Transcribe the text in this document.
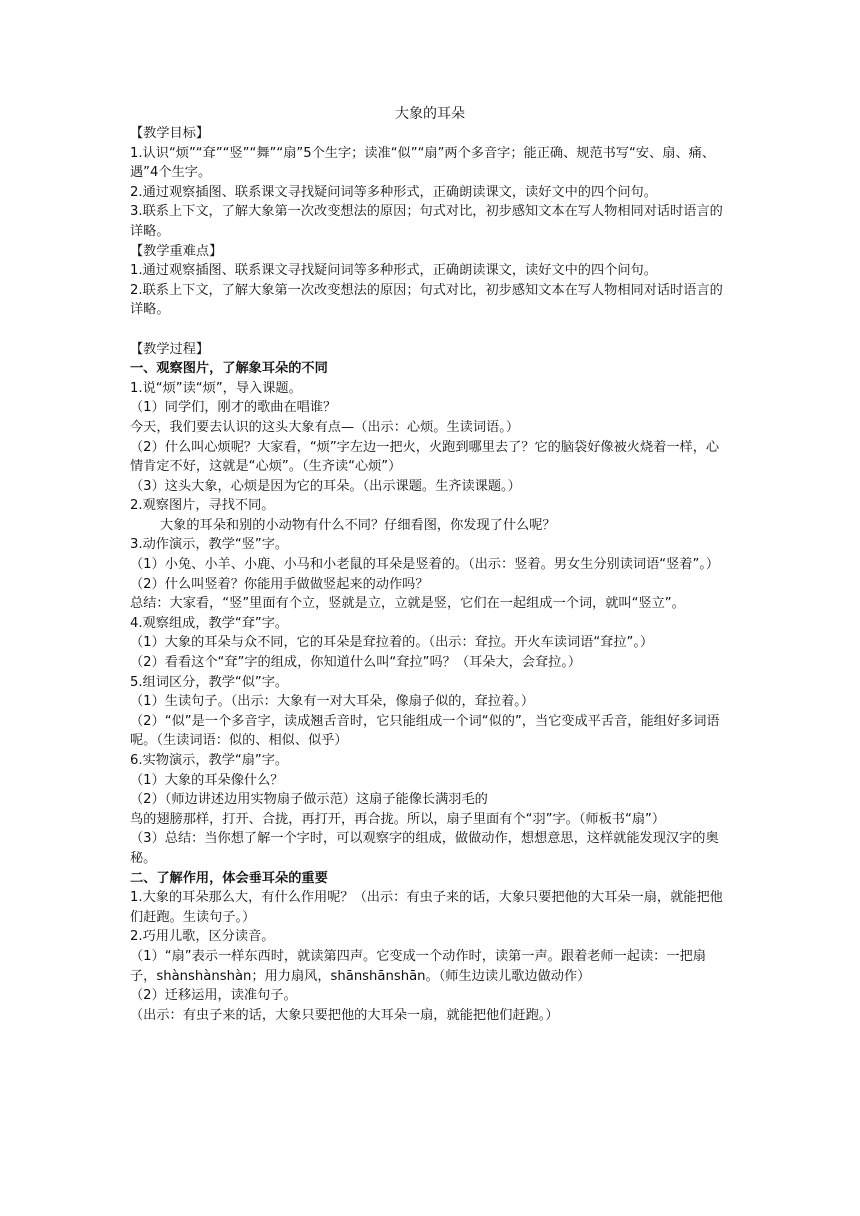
大象的耳朵

【教学目标】

1.认识“烦”“耷”“竖”“舞”“扇”5个生字；读准“似”“扇”两个多音字；能正确、规范书写“安、扇、痛、遇”4个生字。

2.通过观察插图、联系课文寻找疑问词等多种形式，正确朗读课文，读好文中的四个问句。

3.联系上下文，了解大象第一次改变想法的原因；句式对比，初步感知文本在写人物相同对话时语言的详略。

【教学重难点】

1.通过观察插图、联系课文寻找疑问词等多种形式，正确朗读课文，读好文中的四个问句。

2.联系上下文，了解大象第一次改变想法的原因；句式对比，初步感知文本在写人物相同对话时语言的详略。

【教学过程】

一、观察图片，了解象耳朵的不同

1.说“烦”读“烦”，导入课题。

（1）同学们，刚才的歌曲在唱谁？

今天，我们要去认识的这头大象有点—（出示：心烦。生读词语。）

（2）什么叫心烦呢？大家看，“烦”字左边一把火，火跑到哪里去了？它的脑袋好像被火烧着一样，心情肯定不好，这就是“心烦”。（生齐读“心烦”）

（3）这头大象，心烦是因为它的耳朵。（出示课题。生齐读课题。）

2.观察图片，寻找不同。

大象的耳朵和别的小动物有什么不同？仔细看图，你发现了什么呢？

3.动作演示，教学“竖”字。

（1）小兔、小羊、小鹿、小马和小老鼠的耳朵是竖着的。（出示：竖着。男女生分别读词语“竖着”。）

（2）什么叫竖着？你能用手做做竖起来的动作吗？

总结：大家看，“竖”里面有个立，竖就是立，立就是竖，它们在一起组成一个词，就叫“竖立”。

4.观察组成，教学“耷”字。

（1）大象的耳朵与众不同，它的耳朵是耷拉着的。（出示：耷拉。开火车读词语“耷拉”。）

（2）看看这个“耷”字的组成，你知道什么叫“耷拉”吗？（耳朵大，会耷拉。）

5.组词区分，教学“似”字。

（1）生读句子。（出示：大象有一对大耳朵，像扇子似的，耷拉着。）

（2）“似”是一个多音字，读成翘舌音时，它只能组成一个词“似的”，当它变成平舌音，能组好多词语呢。（生读词语：似的、相似、似乎）

6.实物演示，教学“扇”字。

（1）大象的耳朵像什么？

（2）（师边讲述边用实物扇子做示范）这扇子能像长满羽毛的

鸟的翅膀那样，打开、合拢，再打开，再合拢。所以，扇子里面有个“羽”字。（师板书“扇”）

（3）总结：当你想了解一个字时，可以观察字的组成，做做动作，想想意思，这样就能发现汉字的奥秘。

二、了解作用，体会垂耳朵的重要

1.大象的耳朵那么大，有什么作用呢？（出示：有虫子来的话，大象只要把他的大耳朵一扇，就能把他们赶跑。生读句子。）

2.巧用儿歌，区分读音。

（1）“扇”表示一样东西时，就读第四声。它变成一个动作时，读第一声。跟着老师一起读：一把扇子，shànshànshàn；用力扇风，shānshānshān。（师生边读儿歌边做动作）

（2）迁移运用，读准句子。

（出示：有虫子来的话，大象只要把他的大耳朵一扇，就能把他们赶跑。）
